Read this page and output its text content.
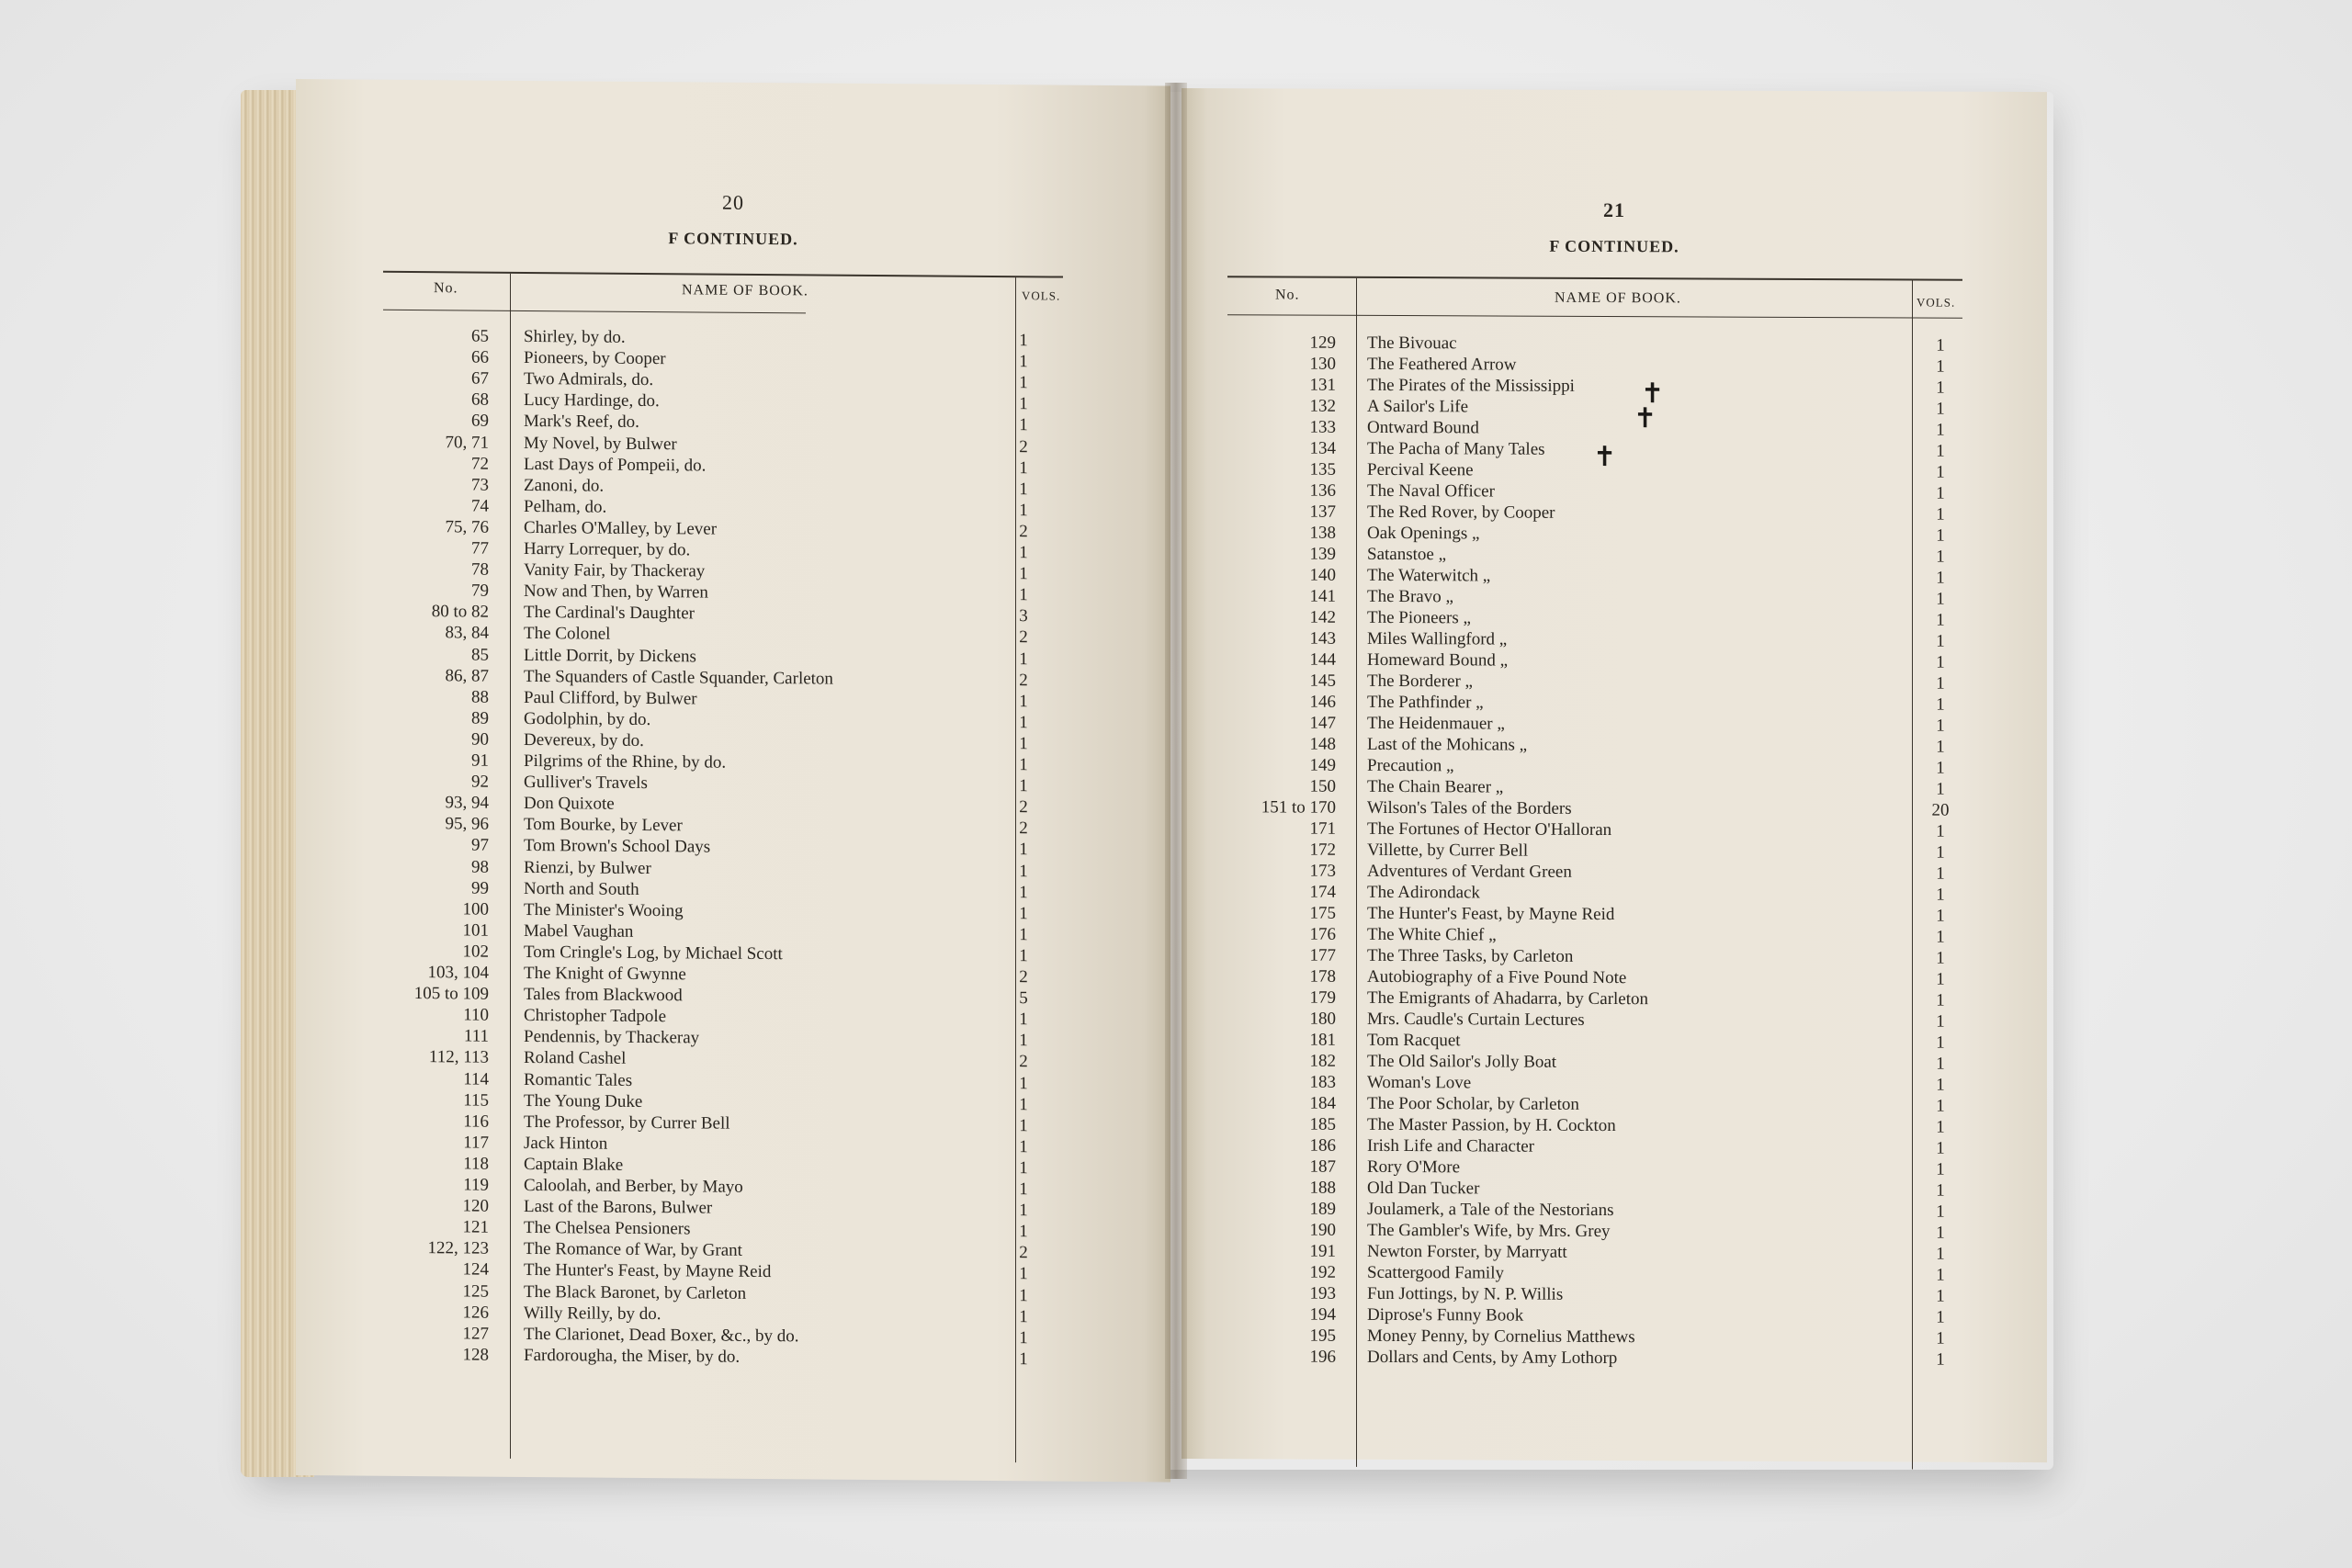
20
F CONTINUED.
No.	NAME OF BOOK.	VOLS.
65 Shirley, by do.	1
66 Pioneers, by Cooper	1
67 Two Admirals, do.	1
68 Lucy Hardinge, do.	1
69 Mark's Reef, do.	1
70, 71 My Novel, by Bulwer	2
72 Last Days of Pompeii, do.	1
73 Zanoni, do.	1
74 Pelham, do.	1
75, 76 Charles O'Malley, by Lever	2
77 Harry Lorrequer, by do.	1
78 Vanity Fair, by Thackeray	1
79 Now and Then, by Warren	1
80 to 82 The Cardinal's Daughter	3
83, 84 The Colonel	2
85 Little Dorrit, by Dickens	1
86, 87 The Squanders of Castle Squander, Carleton	2
88 Paul Clifford, by Bulwer	1
89 Godolphin, by do.	1
90 Devereux, by do.	1
91 Pilgrims of the Rhine, by do.	1
92 Gulliver's Travels	1
93, 94 Don Quixote	2
95, 96 Tom Bourke, by Lever	2
97 Tom Brown's School Days	1
98 Rienzi, by Bulwer	1
99 North and South	1
100 The Minister's Wooing	1
101 Mabel Vaughan	1
102 Tom Cringle's Log, by Michael Scott	1
103, 104 The Knight of Gwynne	2
105 to 109 Tales from Blackwood	5
110 Christopher Tadpole	1
111 Pendennis, by Thackeray	1
112, 113 Roland Cashel	2
114 Romantic Tales	1
115 The Young Duke	1
116 The Professor, by Currer Bell	1
117 Jack Hinton	1
118 Captain Blake	1
119 Caloolah, and Berber, by Mayo	1
120 Last of the Barons, Bulwer	1
121 The Chelsea Pensioners	1
122, 123 The Romance of War, by Grant	2
124 The Hunter's Feast, by Mayne Reid	1
125 The Black Baronet, by Carleton	1
126 Willy Reilly, by do.	1
127 The Clarionet, Dead Boxer, &c., by do.	1
128 Fardorougha, the Miser, by do.	1
21
F CONTINUED.
No.	NAME OF BOOK.	VOLS.
129 The Bivouac	1
130 The Feathered Arrow	1
131 The Pirates of the Mississippi	1
132 A Sailor's Life	1
133 Ontward Bound	1
134 The Pacha of Many Tales	1
135 Percival Keene	1
136 The Naval Officer	1
137 The Red Rover, by Cooper	1
138 Oak Openings „	1
139 Satanstoe „	1
140 The Waterwitch „	1
141 The Bravo „	1
142 The Pioneers „	1
143 Miles Wallingford „	1
144 Homeward Bound „	1
145 The Borderer „	1
146 The Pathfinder „	1
147 The Heidenmauer „	1
148 Last of the Mohicans „	1
149 Precaution „	1
150 The Chain Bearer „	1
151 to 170 Wilson's Tales of the Borders	20
171 The Fortunes of Hector O'Halloran	1
172 Villette, by Currer Bell	1
173 Adventures of Verdant Green	1
174 The Adirondack	1
175 The Hunter's Feast, by Mayne Reid	1
176 The White Chief „	1
177 The Three Tasks, by Carleton	1
178 Autobiography of a Five Pound Note	1
179 The Emigrants of Ahadarra, by Carleton	1
180 Mrs. Caudle's Curtain Lectures	1
181 Tom Racquet	1
182 The Old Sailor's Jolly Boat	1
183 Woman's Love	1
184 The Poor Scholar, by Carleton	1
185 The Master Passion, by H. Cockton	1
186 Irish Life and Character	1
187 Rory O'More	1
188 Old Dan Tucker	1
189 Joulamerk, a Tale of the Nestorians	1
190 The Gambler's Wife, by Mrs. Grey	1
191 Newton Forster, by Marryatt	1
192 Scattergood Family	1
193 Fun Jottings, by N. P. Willis	1
194 Diprose's Funny Book	1
195 Money Penny, by Cornelius Matthews	1
196 Dollars and Cents, by Amy Lothorp	1
✝
✝
✝
